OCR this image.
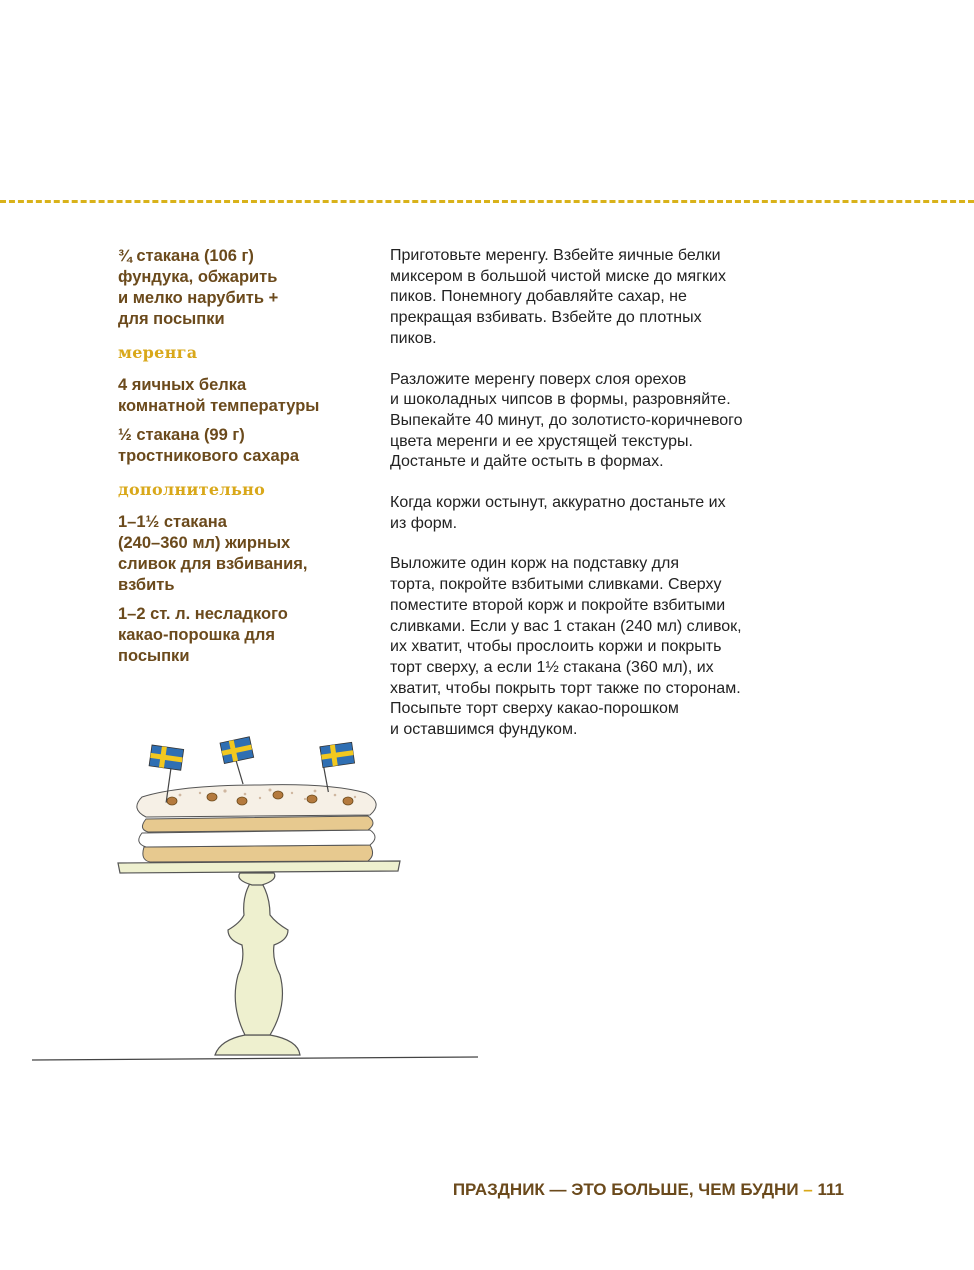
¾ стакана (106 г)
фундука, обжарить
и мелко нарубить +
для посыпки
меренга
4 яичных белка
комнатной температуры
½ стакана (99 г)
тростникового сахара
дополнительно
1–1½ стакана
(240–360 мл) жирных
сливок для взбивания,
взбить
1–2 ст. л. несладкого
какао-порошка для
посыпки
Приготовьте меренгу. Взбейте яичные белки
миксером в большой чистой миске до мягких
пиков. Понемногу добавляйте сахар, не
прекращая взбивать. Взбейте до плотных
пиков.
Разложите меренгу поверх слоя орехов
и шоколадных чипсов в формы, разровняйте.
Выпекайте 40 минут, до золотисто-коричневого
цвета меренги и ее хрустящей текстуры.
Достаньте и дайте остыть в формах.
Когда коржи остынут, аккуратно достаньте их
из форм.
Выложите один корж на подставку для
торта, покройте взбитыми сливками. Сверху
поместите второй корж и покройте взбитыми
сливками. Если у вас 1 стакан (240 мл) сливок,
их хватит, чтобы прослоить коржи и покрыть
торт сверху, а если 1½ стакана (360 мл), их
хватит, чтобы покрыть торт также по сторонам.
Посыпьте торт сверху какао-порошком
и оставшимся фундуком.
ПРАЗДНИК — ЭТО БОЛЬШЕ, ЧЕМ БУДНИ – 111
